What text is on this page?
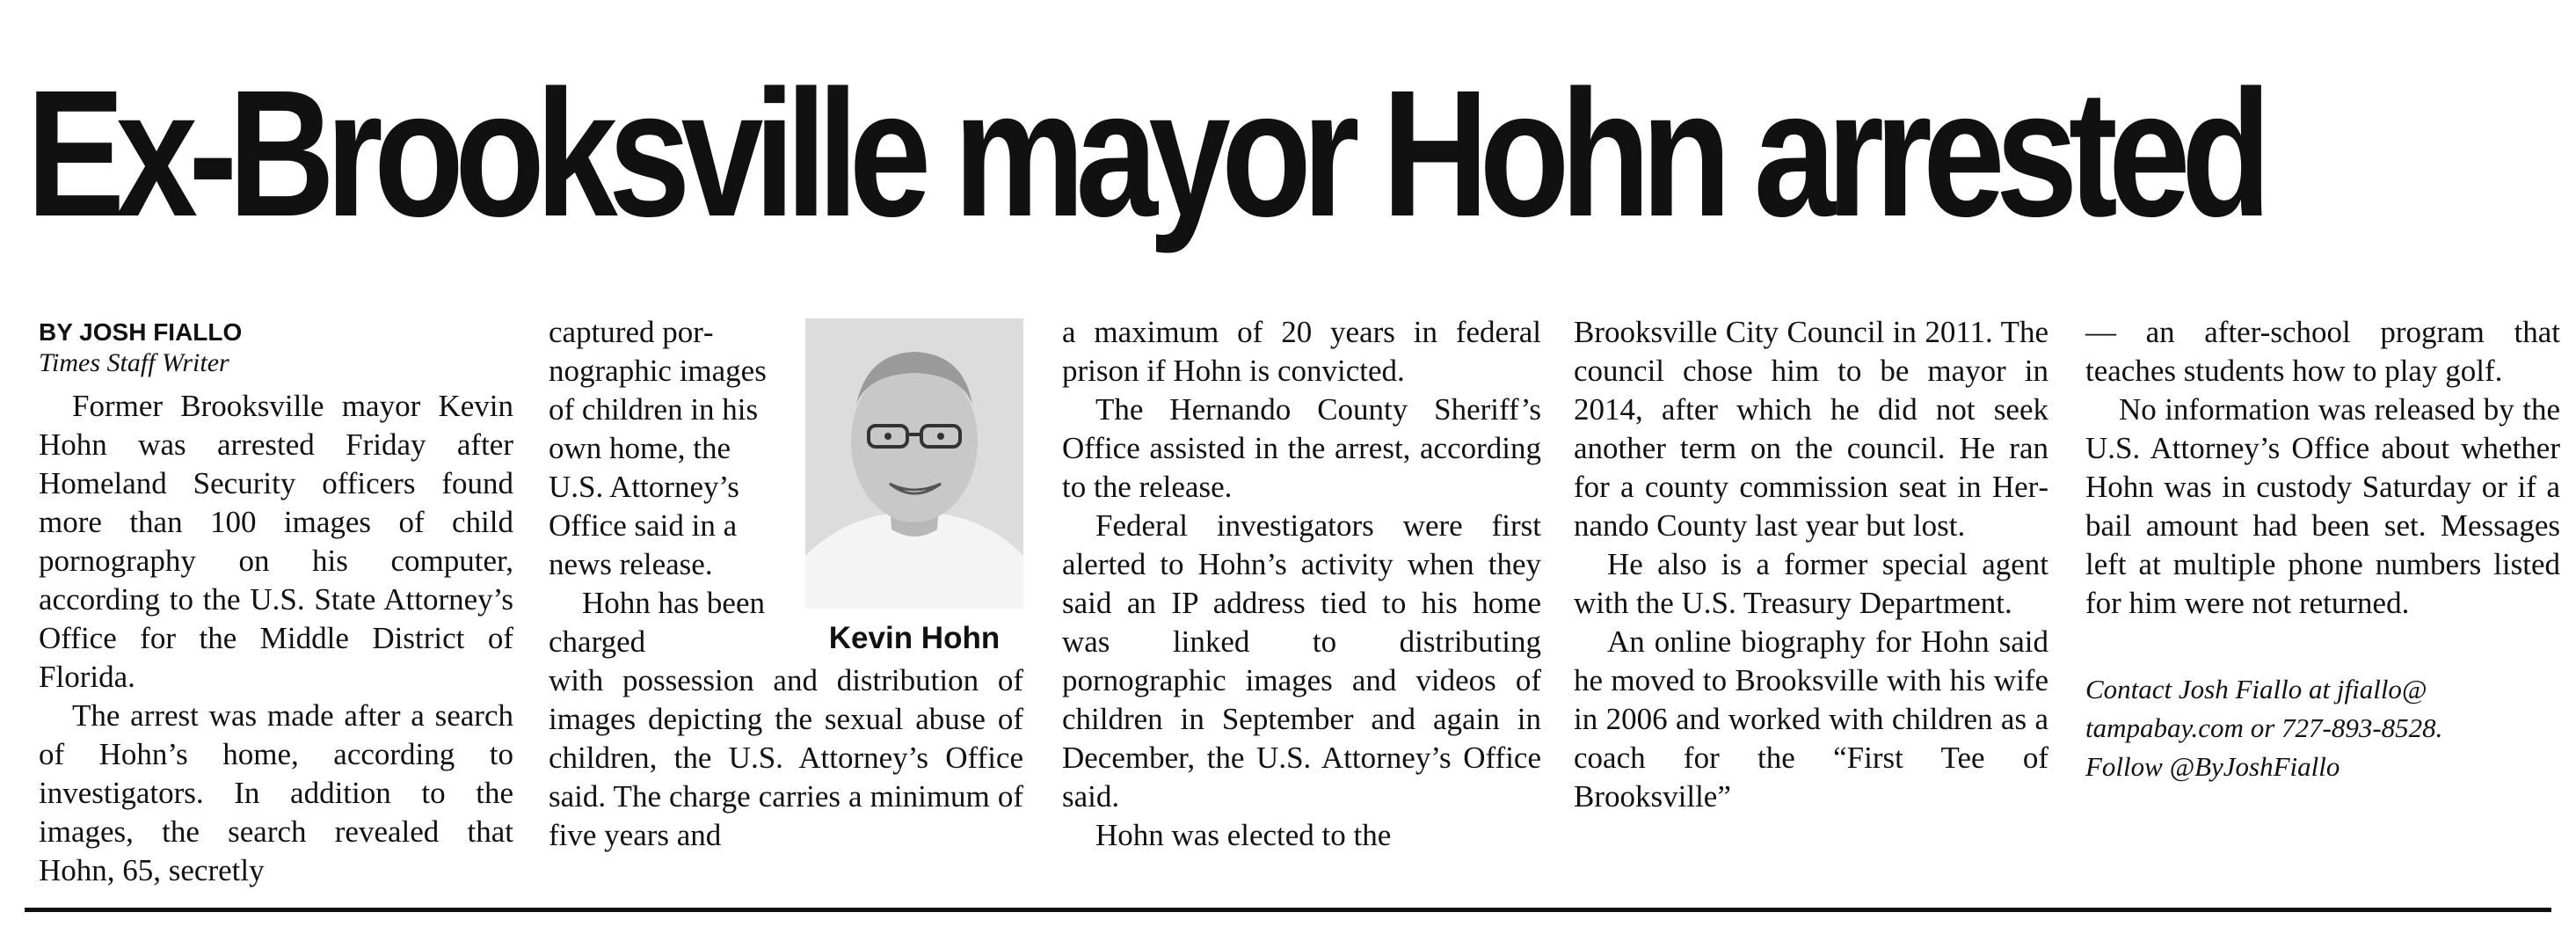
Ex-Brooksville mayor Hohn arrested
BY JOSH FIALLO
Times Staff Writer

Former Brooksville mayor Kevin Hohn was arrested Friday after Homeland Security officers found more than 100 images of child pornography on his computer, according to the U.S. State Attorney’s Office for the Middle District of Florida.

The arrest was made after a search of Hohn’s home, according to investigators. In addition to the images, the search revealed that Hohn, 65, secretly

captured pornographic images of children in his own home, the U.S. Attorney’s Office said in a news release.

Hohn has been charged

with possession and distribution of images depicting the sexual abuse of children, the U.S. Attorney’s Office said. The charge carries a minimum of five years and

Kevin Hohn

a maximum of 20 years in federal prison if Hohn is convicted.

The Hernando County Sheriff’s Office assisted in the arrest, according to the release.

Federal investigators were first alerted to Hohn’s activity when they said an IP address tied to his home was linked to distributing pornographic images and videos of children in September and again in December, the U.S. Attorney’s Office said.

Hohn was elected to the

Brooksville City Council in 2011. The council chose him to be mayor in 2014, after which he did not seek another term on the council. He ran for a county commission seat in Hernando County last year but lost.

He also is a former special agent with the U.S. Treasury Department.

An online biography for Hohn said he moved to Brooksville with his wife in 2006 and worked with children as a coach for the “First Tee of Brooksville”

— an after-school program that teaches students how to play golf.

No information was released by the U.S. Attorney’s Office about whether Hohn was in custody Saturday or if a bail amount had been set. Messages left at multiple phone numbers listed for him were not returned.

Contact Josh Fiallo at jfiallo@
tampabay.com or 727-893-8528.
Follow @ByJoshFiallo
